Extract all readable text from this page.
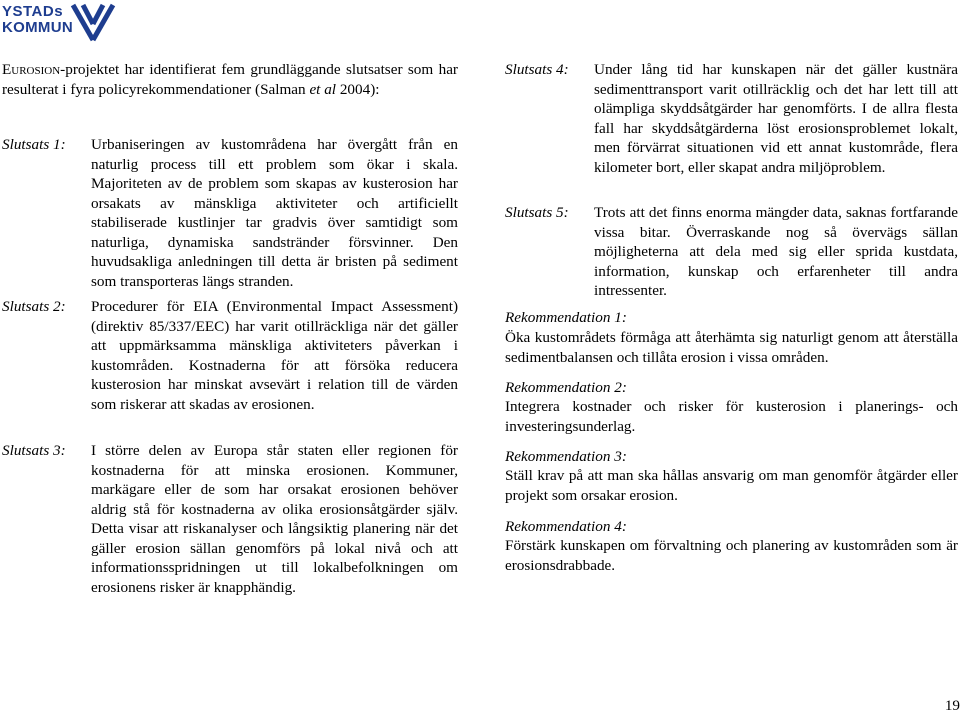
YSTADs
KOMMUN
Eurosion-projektet har identifierat fem grundläggande slutsatser som har resulterat i fyra policyrekommendationer (Salman et al 2004):
Slutsats 1: Urbaniseringen av kustområdena har övergått från en naturlig process till ett problem som ökar i skala. Majoriteten av de problem som skapas av kusterosion har orsakats av mänskliga aktiviteter och artificiellt stabiliserade kustlinjer tar gradvis över samtidigt som naturliga, dynamiska sandstränder försvinner. Den huvudsakliga anledningen till detta är bristen på sediment som transporteras längs stranden.
Slutsats 2: Procedurer för EIA (Environmental Impact Assessment) (direktiv 85/337/EEC) har varit otillräckliga när det gäller att uppmärksamma mänskliga aktiviteters påverkan i kustområden. Kostnaderna för att försöka reducera kusterosion har minskat avsevärt i relation till de värden som riskerar att skadas av erosionen.
Slutsats 3: I större delen av Europa står staten eller regionen för kostnaderna för att minska erosionen. Kommuner, markägare eller de som har orsakat erosionen behöver aldrig stå för kostnaderna av olika erosionsåtgärder själv. Detta visar att riskanalyser och långsiktig planering när det gäller erosion sällan genomförs på lokal nivå och att informationsspridningen ut till lokalbefolkningen om erosionens risker är knapphändig.
Slutsats 4: Under lång tid har kunskapen när det gäller kustnära sedimenttransport varit otillräcklig och det har lett till att olämpliga skyddsåtgärder har genomförts. I de allra flesta fall har skyddsåtgärderna löst erosionsproblemet lokalt, men förvärrat situationen vid ett annat kustområde, flera kilometer bort, eller skapat andra miljöproblem.
Slutsats 5: Trots att det finns enorma mängder data, saknas fortfarande vissa bitar. Överraskande nog så övervägs sällan möjligheterna att dela med sig eller sprida kustdata, information, kunskap och erfarenheter till andra intressenter.
Rekommendation 1:
Öka kustområdets förmåga att återhämta sig naturligt genom att återställa sedimentbalansen och tillåta erosion i vissa områden.
Rekommendation 2:
Integrera kostnader och risker för kusterosion i planerings- och investeringsunderlag.
Rekommendation 3:
Ställ krav på att man ska hållas ansvarig om man genomför åtgärder eller projekt som orsakar erosion.
Rekommendation 4:
Förstärk kunskapen om förvaltning och planering av kustområden som är erosionsdrabbade.
19
